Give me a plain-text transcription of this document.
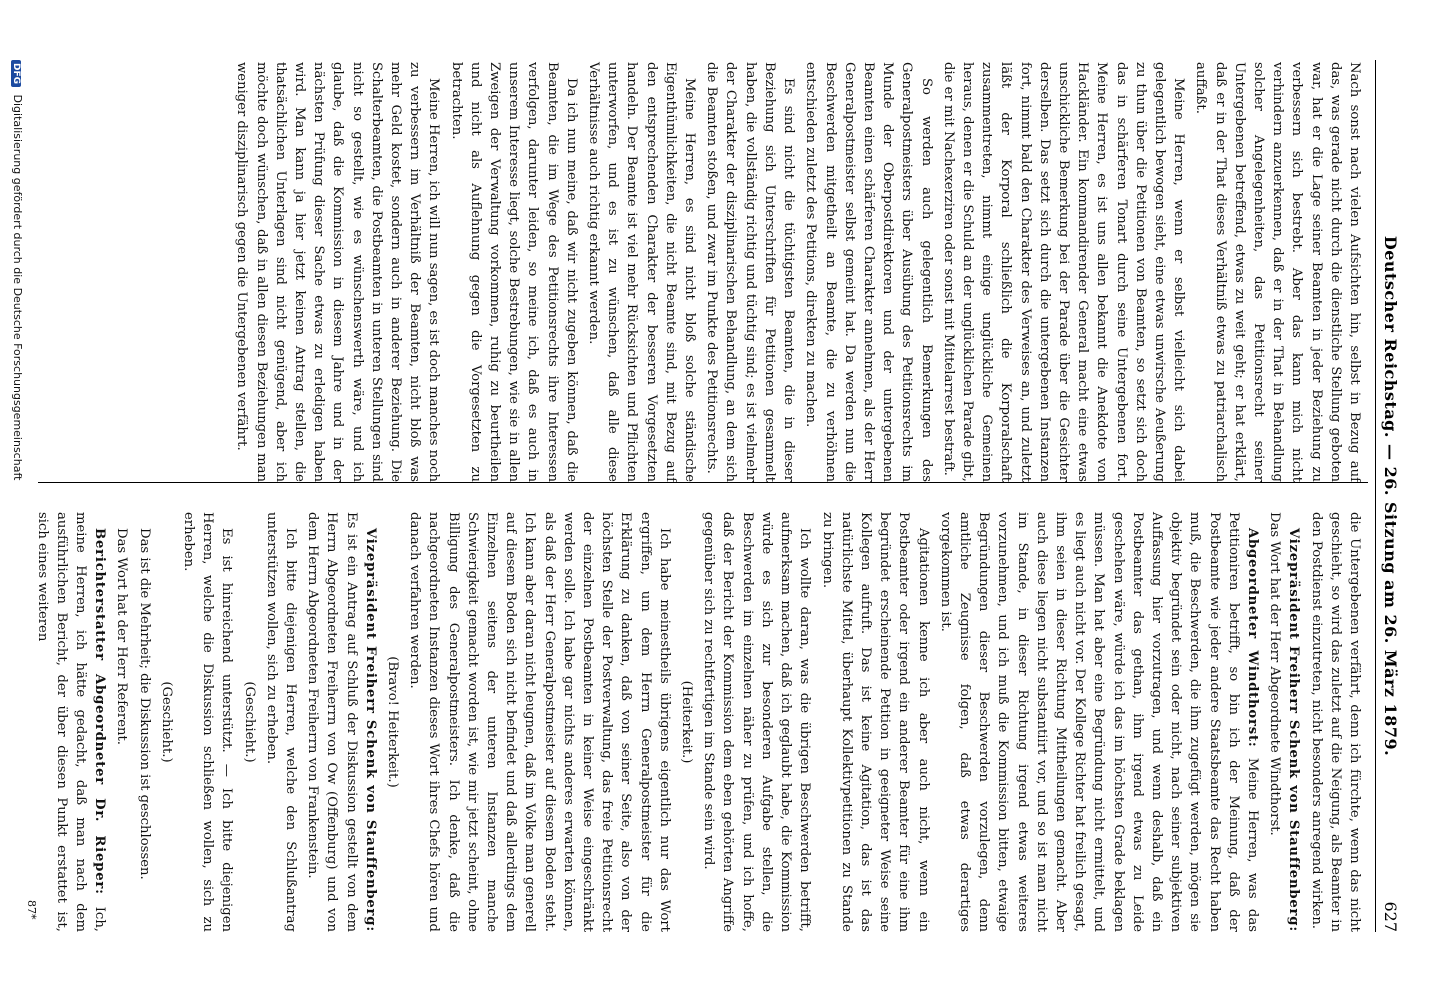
Deutscher Reichstag. — 26. Sitzung am 26. März 1879.
627

Nach sonst nach vielen Aufsichten hin, selbst in Bezug auf das, was gerade nicht durch die dienstliche Stellung geboten war, hat er die Lage seiner Beamten in jeder Beziehung zu verbessern sich bestrebt. Aber das kann mich nicht verhindern anzuerkennen, daß er in der That in Behandlung solcher Angelegenheiten, das Petitionsrecht seiner Untergebenen betreffend, etwas zu weit geht; er hat erklärt, daß er in der That dieses Verhältniß etwas zu patriarchalisch auffaßt.

Meine Herren, wenn er selbst vielleicht sich dabei gelegentlich bewogen sieht, eine etwas unwirsche Aeußerung zu thun über die Petitionen von Beamten, so setzt sich doch das in schärferen Tonart durch seine Untergebenen fort. Meine Herren, es ist uns allen bekannt die Anekdote von Hackländer. Ein kommandirender General macht eine etwas unschickliche Bemerkung bei der Parade über die Gesichter derselben. Das setzt sich durch die untergebenen Instanzen fort, nimmt bald den Charakter des Verweises an, und zuletzt läßt der Korporal schließlich die Korporalschaft zusammentreten, nimmt einige unglückliche Gemeinen heraus, denen er die Schuld an der unglücklichen Parade gibt, die er mit Nachexerziren oder sonst mit Mittelarrest bestraft.

So werden auch gelegentlich Bemerkungen des Generalpostmeisters über Ausübung des Petitionsrechts im Munde der Oberpostdirektoren und der untergebenen Beamten einen schärferen Charakter annehmen, als der Herr Generalpostmeister selbst gemeint hat. Da werden nun die Beschwerden mitgetheilt an Beamte, die zu verhöhnen entschieden zuletzt des Petitions, direkten zu machen.

Es sind nicht die tüchtigsten Beamten, die in dieser Beziehung sich Unterschriften für Petitionen gesammelt haben, die vollständig richtig und tüchtig sind; es ist vielmehr der Charakter der disziplinarischen Behandlung, an dem sich die Beamten stoßen, und zwar im Punkte des Petitionsrechts.

Meine Herren, es sind nicht bloß solche ständische Eigenthümlichkeiten, die nicht Beamte sind, mit Bezug auf den entsprechenden Charakter der besseren Vorgesetzten handeln. Der Beamte ist viel mehr Rücksichten und Pflichten unterworfen, und es ist zu wünschen, daß alle diese Verhältnisse auch richtig erkannt werden.

Da ich nun meine, daß wir nicht zugeben können, daß die Beamten, die im Wege des Petitionsrechts ihre Interessen verfolgen, darunter leiden, so meine ich, daß es auch in unserem Interesse liegt, solche Bestrebungen, wie sie in allen Zweigen der Verwaltung vorkommen, ruhig zu beurtheilen und nicht als Auflehnung gegen die Vorgesetzten zu betrachten.

Meine Herren, ich will nun sagen, es ist doch manches noch zu verbessern im Verhältniß der Beamten, nicht bloß was mehr Geld kostet, sondern auch in anderer Beziehung. Die Schalterbeamten, die Postbeamten in unteren Stellungen sind nicht so gestellt, wie es wünschenswerth wäre, und ich glaube, daß die Kommission in diesem Jahre und in der nächsten Prüfung dieser Sache etwas zu erledigen haben wird. Man kann ja hier jetzt keinen Antrag stellen, die thatsächlichen Unterlagen sind nicht genügend, aber ich möchte doch wünschen, daß in allen diesen Beziehungen man weniger disziplinarisch gegen die Untergebenen verfährt.

die Untergebenen verfährt, denn ich fürchte, wenn das nicht geschieht, so wird das zuletzt auf die Neigung, als Beamter in den Postdienst einzutreten, nicht besonders anregend wirken.

Vizepräsident Freiherr Schenk von Stauffenberg: Das Wort hat der Herr Abgeordnete Windthorst.

Abgeordneter Windthorst: Meine Herren, was das Petitioniren betrifft, so bin ich der Meinung, daß der Postbeamte wie jeder andere Staatsbeamte das Recht haben muß, die Beschwerden, die ihm zugefügt werden, mögen sie objektiv begründet sein oder nicht, nach seiner subjektiven Auffassung hier vorzutragen, und wenn deshalb, daß ein Postbeamter das gethan, ihm irgend etwas zu Leide geschehen wäre, würde ich das im höchsten Grade beklagen müssen. Man hat aber eine Begründung nicht ermittelt, und es liegt auch nicht vor. Der Kollege Richter hat freilich gesagt, ihm seien in dieser Richtung Mittheilungen gemacht. Aber auch diese liegen nicht substantiirt vor, und so ist man nicht im Stande, in dieser Richtung irgend etwas weiteres vorzunehmen, und ich muß die Kommission bitten, etwaige Begründungen dieser Beschwerden vorzulegen, denn amtliche Zeugnisse folgen, daß etwas derartiges vorgekommen ist.

Agitationen kenne ich aber auch nicht, wenn ein Postbeamter oder irgend ein anderer Beamter für eine ihm begründet erscheinende Petition in geeigneter Weise seine Kollegen aufruft. Das ist keine Agitation, das ist das natürlichste Mittel, überhaupt Kollektivpetitionen zu Stande zu bringen.

Ich wollte daran, was die übrigen Beschwerden betrifft, aufmerksam machen, daß ich geglaubt habe, die Kommission würde es sich zur besonderen Aufgabe stellen, die Beschwerden im einzelnen näher zu prüfen, und ich hoffe, daß der Bericht der Kommission dem eben gehörten Angriffe gegenüber sich zu rechtfertigen im Stande sein wird.

(Heiterkeit.)

Ich habe meinestheils übrigens eigentlich nur das Wort ergriffen, um dem Herrn Generalpostmeister für die Erklärung zu danken, daß von seiner Seite, also von der höchsten Stelle der Postverwaltung, das freie Petitionsrecht der einzelnen Postbeamten in keiner Weise eingeschränkt werden solle. Ich habe gar nichts anderes erwarten können, als daß der Herr Generalpostmeister auf diesem Boden steht. Ich kann aber daran nicht leugnen, daß im Volke man generell auf diesem Boden sich nicht befindet und daß allerdings dem Einzelnen seitens der unteren Instanzen manche Schwierigkeit gemacht worden ist, wie mir jetzt scheint, ohne Billigung des Generalpostmeisters. Ich denke, daß die nachgeordneten Instanzen dieses Wort ihres Chefs hören und danach verfahren werden.

(Bravo! Heiterkeit.)

Vizepräsident Freiherr Schenk von Stauffenberg: Es ist ein Antrag auf Schluß der Diskussion gestellt von dem Herrn Abgeordneten Freiherrn von Ow (Offenburg) und von dem Herrn Abgeordneten Freiherrn von Frankenstein.

Ich bitte diejenigen Herren, welche den Schlußantrag unterstützen wollen, sich zu erheben.

(Geschieht.)

Es ist hinreichend unterstützt. — Ich bitte diejenigen Herren, welche die Diskussion schließen wollen, sich zu erheben.

(Geschieht.)

Das ist die Mehrheit; die Diskussion ist geschlossen.

Das Wort hat der Herr Referent.

Berichterstatter Abgeordneter Dr. Rieper: Ich, meine Herren, ich hätte gedacht, daß man nach dem ausführlichen Bericht, der über diesen Punkt erstattet ist, sich eines weiteren

87*
DFG Digitalisierung gefördert durch die Deutsche Forschungsgemeinschaft
